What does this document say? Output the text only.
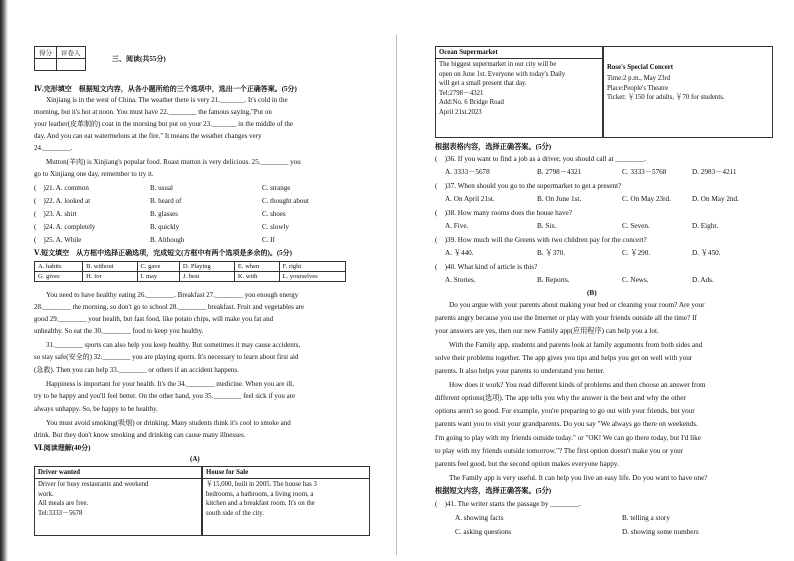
得分	评卷人

三、阅读(共55分)
Ⅳ.完形填空　根据短文内容，从各小题所给的三个选项中，选出一个正确答案。(5分)
Xinjiang is in the west of China. The weather there is very 21._______. It's cold in the
morning, but it's hot at noon. You must have 22.________ the famous saying,"Put on
your leather(皮革制的) coat in the morning but put on your 23._______ in the middle of the
day. And you can eat watermelons at the fire." It means the weather changes very
24.________.
Mutton(羊肉) is Xinjiang's popular food. Roast mutton is very delicious. 25.________ you
go to Xinjiang one day, remember to try it.
(　)21. A. common	B. usual	C. strange
(　)22. A. looked at	B. heard of	C. thought about
(　)23. A. shirt	B. glasses	C. shoes
(　)24. A. completely	B. quickly	C. slowly
(　)25. A. While	B. Although	C. If
Ⅴ.短文填空　从方框中选择正确选项，完成短文(方框中有两个选项是多余的)。(5分)
A. habits	B. without	C. gave	D. Playing	E. when	F. right
G. gives	H. for	I. may	J. best	K. with	L. yourselves
You need to have healthy eating 26.________. Breakfast 27.________ you enough energy
28.________ the morning, so don't go to school 28.________ breakfast. Fruit and vegetables are
good 29.________ your health, but fast food, like potato chips, will make you fat and
unhealthy. So eat the 30.________ food to keep you healthy.
31.________ sports can also help you keep healthy. But sometimes it may cause accidents,
so stay safe(安全的) 32.________ you are playing sports. It's necessary to learn about first aid
(急救). Then you can help 33.________ or others if an accident happens.
Happiness is important for your health. It's the 34.________ medicine. When you are ill,
try to be happy and you'll feel better. On the other hand, you 35.________ feel sick if you are
always unhappy. So, be happy to be healthy.
You must avoid smoking(吸烟) or drinking. Many students think it's cool to smoke and
drink. But they don't know smoking and drinking can cause many illnesses.
Ⅵ.阅读理解(40分)
(A)
Driver wanted
Driver for busy restaurants and weekend
work.
All meals are free.
Tel:3333－5678
House for Sale
￥15,000, built in 2005. The house has 3
bedrooms, a bathroom, a living room, a
kitchen and a breakfast room. It's on the
south side of the city.
Ocean Supermarket
The biggest supermarket in our city will be
open on June 1st. Everyone with today's Daily
will get a small present that day.
Tel:2798－4321
Add:No. 6 Bridge Road
April 21st.2023
Rose's Special Concert
Time:2 p.m., May 23rd
Place:People's Theatre
Ticket: ￥150 for adults, ￥70 for students.
根据表格内容，选择正确答案。(5分)
(　)36. If you want to find a job as a driver, you should call at ________.
A. 3333－5678	B. 2798－4321	C. 3333－5768	D. 2983－4211
(　)37. When should you go to the supermarket to get a present?
A. On April 21st.	B. On June 1st.	C. On May 23rd.	D. On May 2nd.
(　)38. How many rooms does the house have?
A. Five.	B. Six.	C. Seven.	D. Eight.
(　)39. How much will the Greens with two children pay for the concert?
A. ￥440.	B. ￥370.	C. ￥290.	D. ￥450.
(　)40. What kind of article is this?
A. Stories.	B. Reports.	C. News.	D. Ads.
(B)
Do you argue with your parents about making your bed or cleaning your room? Are your
parents angry because you use the Internet or play with your friends outside all the time? If
your answers are yes, then our new Family app(应用程序) can help you a lot.
With the Family app, students and parents look at family arguments from both sides and
solve their problems together. The app gives you tips and helps you get on well with your
parents. It also helps your parents to understand you better.
How does it work? You read different kinds of problems and then choose an answer from
different options(选项). The app tells you why the answer is the best and why the other
options aren't so good. For example, you're preparing to go out with your friends, but your
parents want you to visit your grandparents. Do you say "We always go there on weekends.
I'm going to play with my friends outside today." or "OK! We can go there today, but I'd like
to play with my friends outside tomorrow."? The first option doesn't make you or your
parents feel good, but the second option makes everyone happy.
The Family app is very useful. It can help you live an easy life. Do you want to have one?
根据短文内容，选择正确答案。(5分)
(　)41. The writer starts the passage by ________.
A. showing facts	B. telling a story
C. asking questions	D. showing some numbers
